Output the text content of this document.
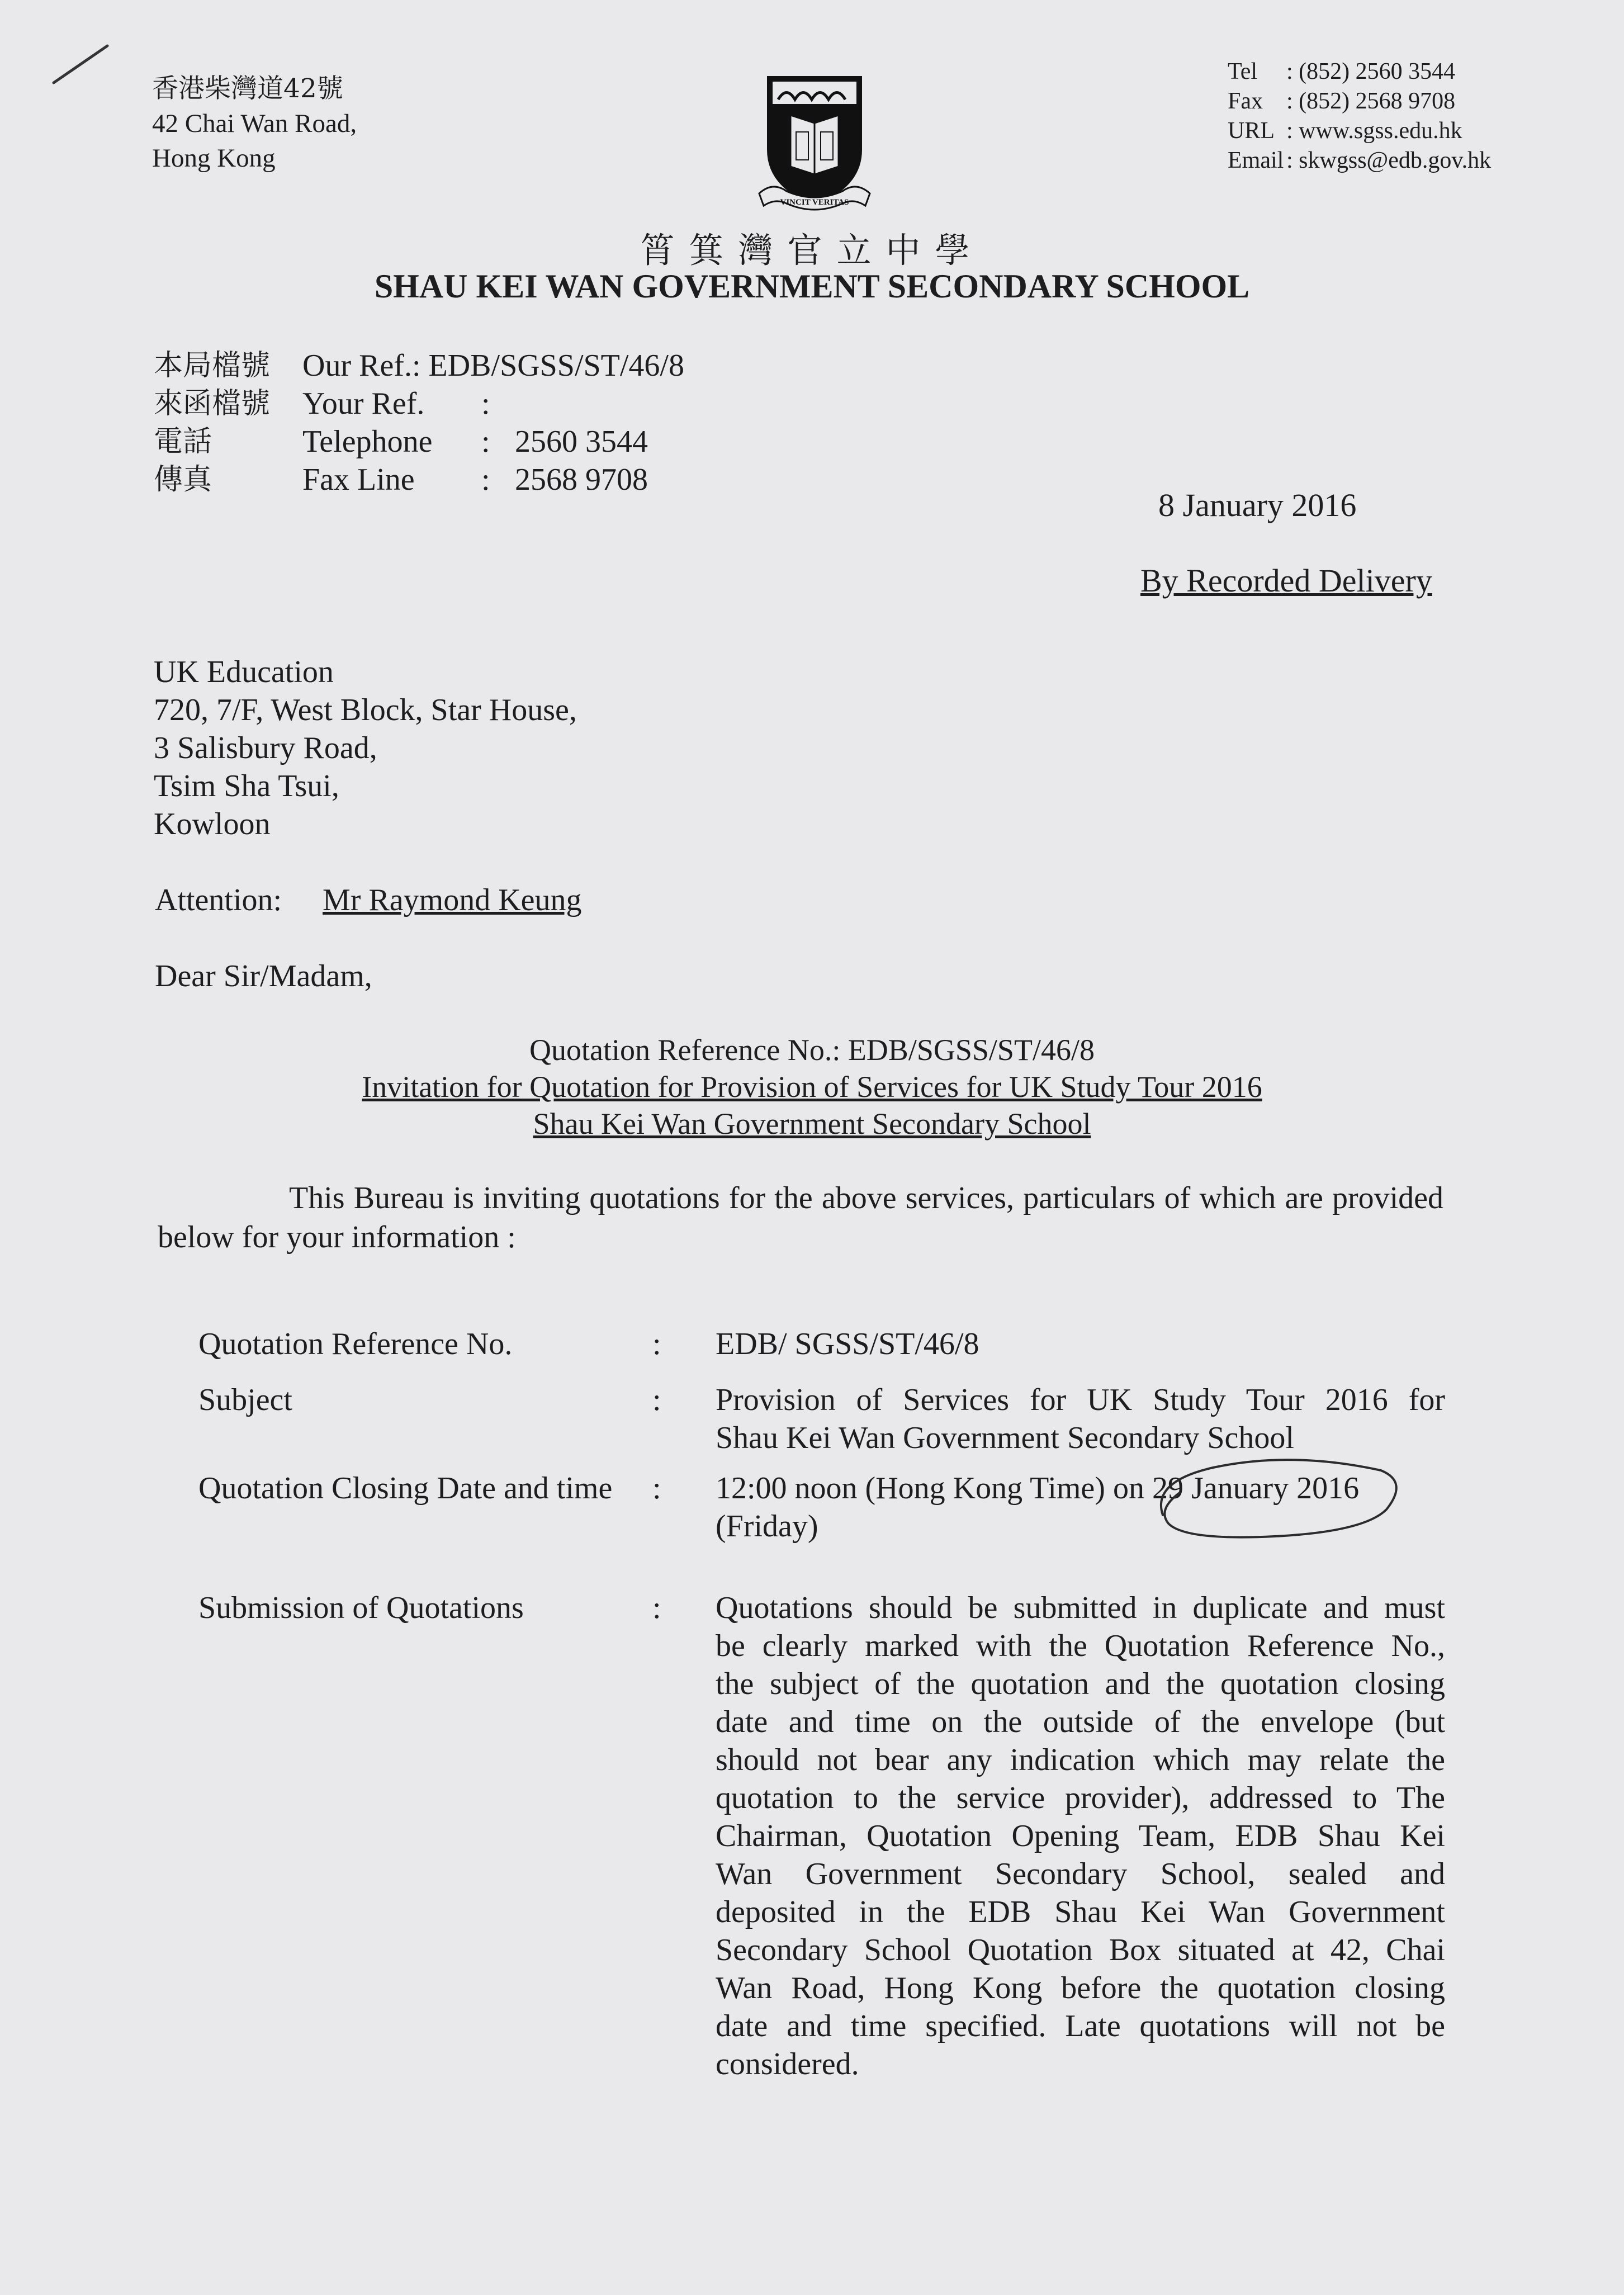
香港柴灣道42號
42 Chai Wan Road,
Hong Kong
VINCIT VERITAS
Tel	: (852) 2560 3544
Fax	: (852) 2568 9708
URL : www.sgss.edu.hk
Email : skwgss@edb.gov.hk
筲箕灣官立中學
SHAU KEI WAN GOVERNMENT SECONDARY SCHOOL
本局檔號	Our Ref.: EDB/SGSS/ST/46/8
來函檔號	Your Ref.	:
電話	Telephone	: 2560 3544
傳真	Fax Line	: 2568 9708
8 January 2016
By Recorded Delivery
UK Education
720, 7/F, West Block, Star House,
3 Salisbury Road,
Tsim Sha Tsui,
Kowloon
Attention: Mr Raymond Keung
Dear Sir/Madam,
Quotation Reference No.: EDB/SGSS/ST/46/8
Invitation for Quotation for Provision of Services for UK Study Tour 2016
Shau Kei Wan Government Secondary School
This Bureau is inviting quotations for the above services, particulars of which are provided below for your information :
Quotation Reference No.	: EDB/ SGSS/ST/46/8
Subject	: Provision of Services for UK Study Tour 2016 for
Shau Kei Wan Government Secondary School
Quotation Closing Date and time : 12:00 noon (Hong Kong Time) on 29 January 2016
(Friday)
Submission of Quotations	: Quotations should be submitted in duplicate and must
be clearly marked with the Quotation Reference No.,
the subject of the quotation and the quotation closing
date and time on the outside of the envelope (but
should not bear any indication which may relate the
quotation to the service provider), addressed to The
Chairman, Quotation Opening Team, EDB Shau Kei
Wan Government Secondary School, sealed and
deposited in the EDB Shau Kei Wan Government
Secondary School Quotation Box situated at 42, Chai
Wan Road, Hong Kong before the quotation closing
date and time specified. Late quotations will not be
considered.
